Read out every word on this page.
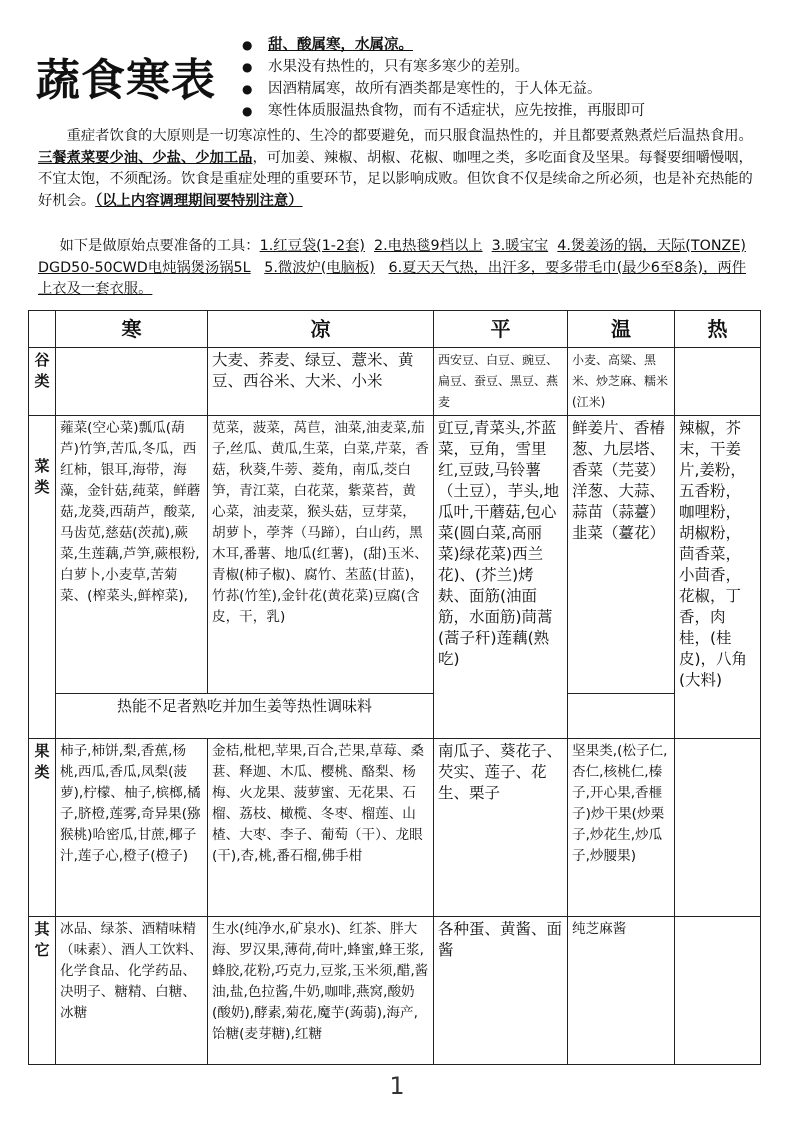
蔬食寒表
● 甜、酸属寒，水属凉。
● 水果没有热性的，只有寒多寒少的差别。
● 因酒精属寒，故所有酒类都是寒性的，于人体无益。
● 寒性体质服温热食物，而有不适症状，应先按推，再服即可

重症者饮食的大原则是一切寒凉性的、生冷的都要避免，而只服食温热性的，并且都要煮熟煮烂后温热食用。三餐煮菜要少油、少盐、少加工品，可加姜、辣椒、胡椒、花椒、咖哩之类，多吃面食及坚果。每餐要细嚼慢咽，不宜太饱，不须配汤。饮食是重症处理的重要环节，足以影响成败。但饮食不仅是续命之所必须，也是补充热能的好机会。（以上内容调理期间要特别注意）

如下是做原始点要准备的工具：1.红豆袋(1-2套) 2.电热毯9档以上 3.暖宝宝 4.煲姜汤的锅，天际(TONZE) DGD50-50CWD电炖锅煲汤锅5L 5.微波炉(电脑板) 6.夏天天气热，出汗多，要多带毛巾(最少6至8条)，两件上衣及一套衣服。

	寒	凉	平	温	热
谷类		大麦、荞麦、绿豆、薏米、黄豆、西谷米、大米、小米	西安豆、白豆、豌豆、扁豆、蚕豆、黑豆、燕麦	小麦、高粱、黑米、炒芝麻、糯米(江米)	
菜类	蕹菜(空心菜)瓢瓜(葫芦)竹笋,苦瓜,冬瓜，西红柿，银耳,海带，海藻，金针菇,莼菜，鲜蘑菇,龙葵,西葫芦，酸菜,马齿苋,慈菇(茨菰),蕨菜,生莲藕,芦笋,蕨根粉,白萝卜,小麦草,苦菊菜、(榨菜头,鲜榨菜),	苋菜，菠菜，莴苣，油菜,油麦菜,茄子,丝瓜、黄瓜,生菜，白菜,芹菜，香菇，秋葵,牛蒡、菱角，南瓜,茭白笋，青江菜，白花菜，紫菜苔，黄心菜，油麦菜，猴头菇，豆芽菜，胡萝卜，荸荠（马蹄），白山药，黑木耳,番薯、地瓜(红薯)，(甜)玉米、青椒(柿子椒)、腐竹、苤蓝(甘蓝)，竹荪(竹笙),金针花(黄花菜)豆腐(含皮，干，乳)	豇豆,青菜头,芥蓝菜，豆角，雪里红,豆豉,马铃薯（土豆），芋头,地瓜叶,干蘑菇,包心菜(圆白菜,高丽菜)绿花菜)西兰花)、(芥兰)烤麸、面筋(油面筋，水面筋)茼蒿(蒿子秆)莲藕(熟吃)	鲜姜片、香椿葱、九层塔、香菜（芫荽）洋葱、大蒜、蒜苗（蒜薹）韭菜（薹花）	辣椒，芥末，干姜片,姜粉，五香粉，咖哩粉，胡椒粉，茴香菜，小茴香，花椒，丁香，肉桂，(桂皮)，八角(大料)
	热能不足者熟吃并加生姜等热性调味料				
果类	柿子,柿饼,梨,香蕉,杨桃,西瓜,香瓜,凤梨(菠萝),柠檬、柚子,槟榔,橘子,脐橙,莲雾,奇异果(猕猴桃)哈密瓜,甘蔗,椰子汁,莲子心,橙子(橙子)	金桔,枇杷,苹果,百合,芒果,草莓、桑葚、释迦、木瓜、樱桃、酪梨、杨梅、火龙果、菠萝蜜、无花果、石榴、荔枝、橄榄、冬枣、榴莲、山楂、大枣、李子、葡萄（干）、龙眼(干),杏,桃,番石榴,佛手柑	南瓜子、葵花子、芡实、莲子、花生、栗子	坚果类,(松子仁,杏仁,核桃仁,榛子,开心果,香榧子)炒干果(炒栗子,炒花生,炒瓜子,炒腰果)	
其它	冰品、绿茶、酒精味精（味素）、酒人工饮料、化学食品、化学药品、决明子、糖精、白糖、冰糖	生水(纯净水,矿泉水)、红茶、胖大海、罗汉果,薄荷,荷叶,蜂蜜,蜂王浆,蜂胶,花粉,巧克力,豆浆,玉米须,醋,酱油,盐,色拉酱,牛奶,咖啡,燕窝,酸奶(酸奶),酵素,菊花,魔芋(蒟蒻),海产,饴糖(麦芽糖),红糖	各种蛋、黄酱、面酱	纯芝麻酱	
1
